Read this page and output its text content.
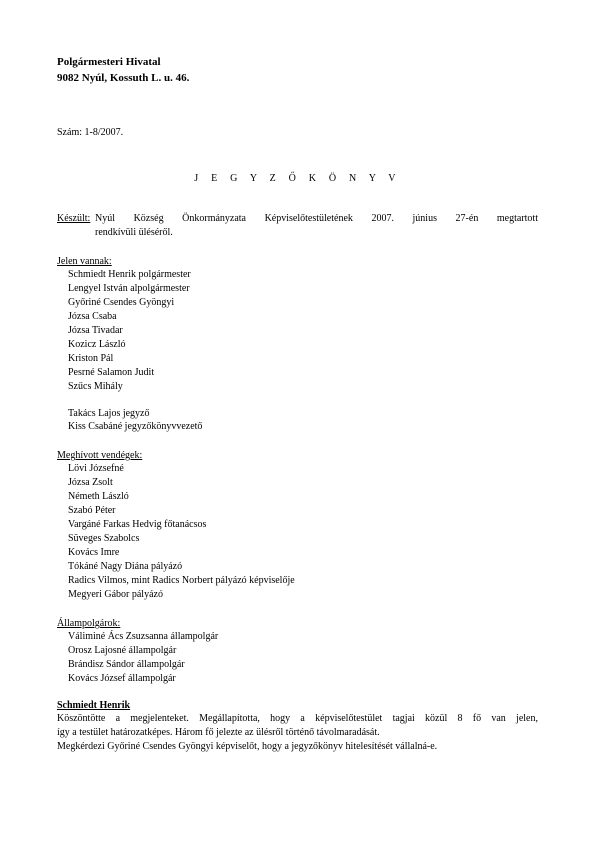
Polgármesteri Hivatal
9082 Nyúl, Kossuth L. u. 46.
Szám: 1-8/2007.
J E G Y Z Ő K Ö N Y V
Készült: Nyúl Község Önkormányzata Képviselőtestületének 2007. június 27-én megtartott
rendkívüli üléséről.
Jelen vannak:
Schmiedt Henrik polgármester
Lengyel István alpolgármester
Győriné Csendes Gyöngyi
Józsa Csaba
Józsa Tivadar
Kozicz László
Kriston Pál
Pesrné Salamon Judit
Szűcs Mihály
Takács Lajos jegyző
Kiss Csabáné jegyzőkönyvvezető
Meghívott vendégek:
Lövi Józsefné
Józsa Zsolt
Németh László
Szabó Péter
Vargáné Farkas Hedvig főtanácsos
Süveges Szabolcs
Kovács Imre
Tókáné Nagy Diána pályázó
Radics Vilmos, mint Radics Norbert pályázó képviselője
Megyeri Gábor pályázó
Állampolgárok:
Váliminé Ács Zsuzsanna állampolgár
Orosz Lajosné állampolgár
Brándisz Sándor állampolgár
Kovács József állampolgár
Schmiedt Henrik
Köszöntötte a megjelenteket. Megállapította, hogy a képviselőtestület tagjai közül 8 fő van jelen,
így a testület határozatképes. Három fő jelezte az ülésről történő távolmaradását.
Megkérdezi Győriné Csendes Gyöngyi képviselőt, hogy a jegyzőkönyv hitelesítését vállalná-e.
